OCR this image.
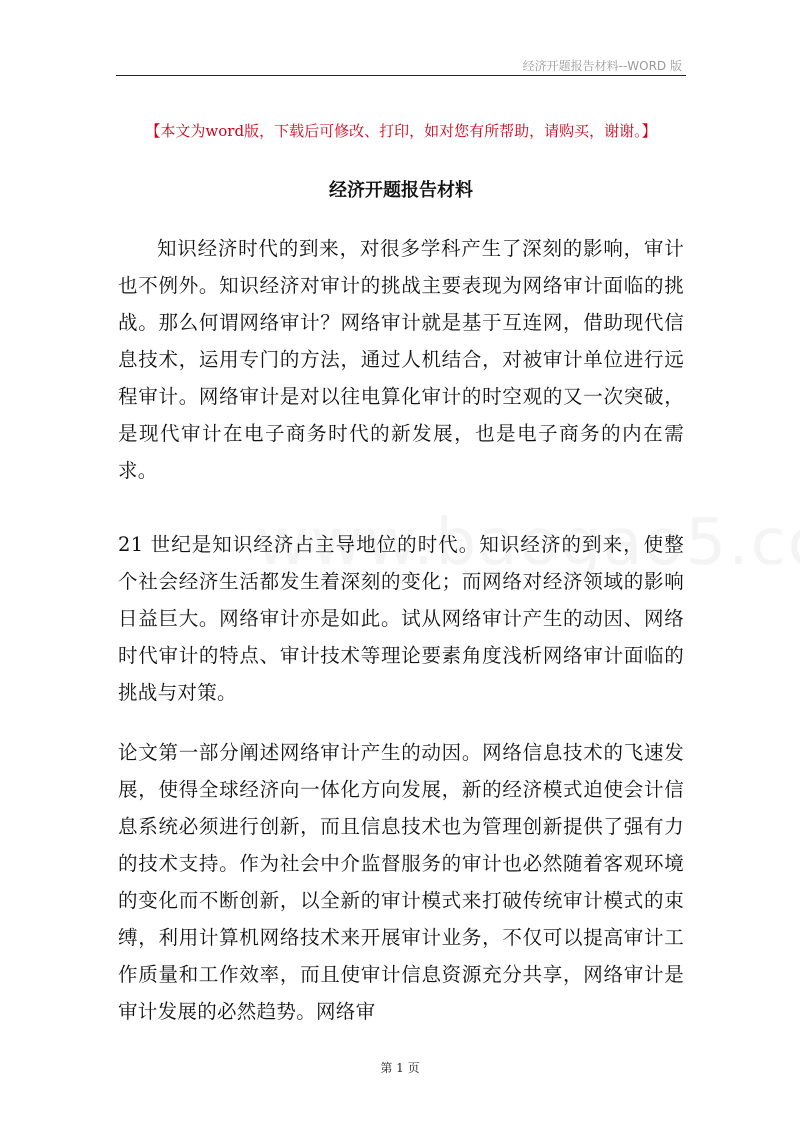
经济开题报告材料--WORD 版
【本文为word版，下载后可修改、打印，如对您有所帮助，请购买，谢谢。】
经济开题报告材料

知识经济时代的到来，对很多学科产生了深刻的影响，审计也不例外。知识经济对审计的挑战主要表现为网络审计面临的挑战。那么何谓网络审计？网络审计就是基于互连网，借助现代信息技术，运用专门的方法，通过人机结合，对被审计单位进行远程审计。网络审计是对以往电算化审计的时空观的又一次突破，是现代审计在电子商务时代的新发展，也是电子商务的内在需求。

21 世纪是知识经济占主导地位的时代。知识经济的到来，使整个社会经济生活都发生着深刻的变化；而网络对经济领域的影响日益巨大。网络审计亦是如此。试从网络审计产生的动因、网络时代审计的特点、审计技术等理论要素角度浅析网络审计面临的挑战与对策。

论文第一部分阐述网络审计产生的动因。网络信息技术的飞速发展，使得全球经济向一体化方向发展，新的经济模式迫使会计信息系统必须进行创新，而且信息技术也为管理创新提供了强有力的技术支持。作为社会中介监督服务的审计也必然随着客观环境的变化而不断创新，以全新的审计模式来打破传统审计模式的束缚，利用计算机网络技术来开展审计业务，不仅可以提高审计工作质量和工作效率，而且使审计信息资源充分共享，网络审计是审计发展的必然趋势。网络审

第 1 页
